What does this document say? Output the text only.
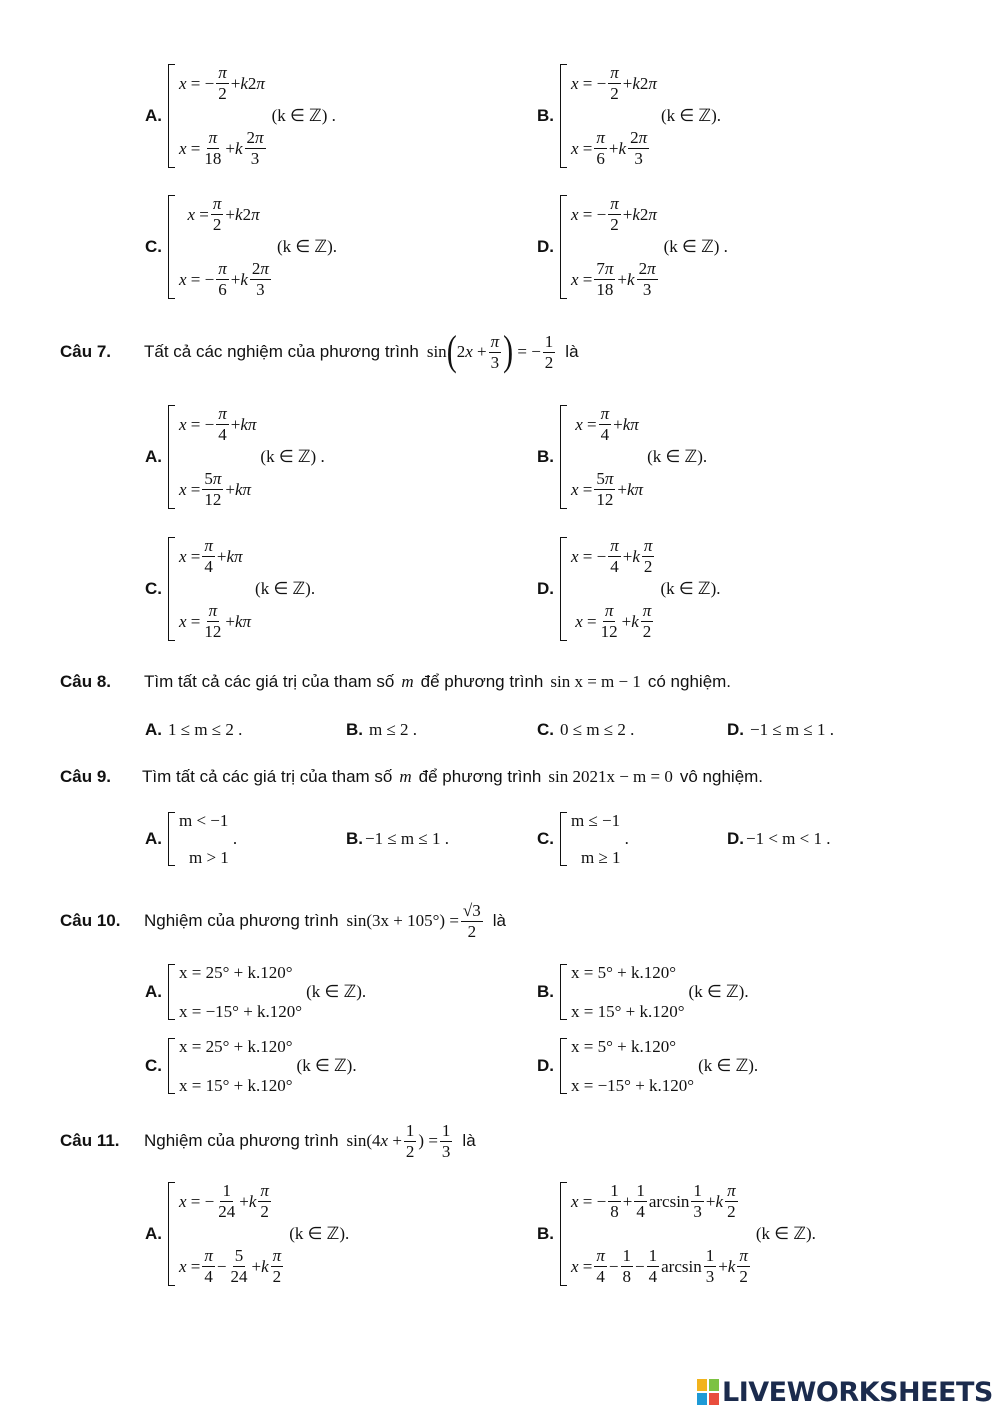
A.
x = − $\frac{\pi}{2} + k$ 2 π
$x = \frac{\pi}{18} + k \frac{2\pi}{3}$
(k ∈ ℤ) .	B.
x = − $\frac{\pi}{2} + k$ 2 π
$x = \frac{\pi}{6} + k \frac{2\pi}{3}$
(k ∈ ℤ).
C.

$x = \frac{\pi}{2} + k$ 2 π
x = − $\frac{\pi}{6} + k \frac{2\pi}{3}$
(k ∈ ℤ).	D.
x = − $\frac{\pi}{2} + k$ 2 π
$x = \frac{7\pi}{18} + k \frac{2\pi}{3}$
(k ∈ ℤ) .
Câu 7.	Tất cả các nghiệm của phương trình sin ( 2 $x + \frac{\pi}{3}$ ) = − $\frac{1}{2}$ là
A.
x = − $\frac{\pi}{4} + k\pi$
$x = \frac{5\pi}{12} + k\pi$
(k ∈ ℤ) .	B.

$x = \frac{\pi}{4} + k\pi$
$x = \frac{5\pi}{12} + k\pi$
(k ∈ ℤ).
C.
$x = \frac{\pi}{4} + k\pi$
$x = \frac{\pi}{12} + k\pi$
(k ∈ ℤ).	D.
x = − $\frac{\pi}{4} + k \frac{\pi}{2}$

$x = \frac{\pi}{12} + k \frac{\pi}{2}$
(k ∈ ℤ).
Câu 8.	Tìm tất cả các giá trị của tham số m để phương trình sin x = m − 1 có nghiệm.
A. 1 ≤ m ≤ 2 .	B. m ≤ 2 .	C. 0 ≤ m ≤ 2 .	D. −1 ≤ m ≤ 1 .
Câu 9.	Tìm tất cả các giá trị của tham số m để phương trình sin 2021x − m = 0 vô nghiệm.
A.
m < −1
m > 1
.	B. −1 ≤ m ≤ 1 .	C.
m ≤ −1
m ≥ 1
.	D. −1 < m < 1 .
Câu 10.	Nghiệm của phương trình $\sin(3x + 105^\circ) = \frac{√3}{2}$ là
A.
x = 25° + k.120°
x = −15° + k.120°
(k ∈ ℤ).	B.
x = 5° + k.120°
x = 15° + k.120°
(k ∈ ℤ).
C.
x = 25° + k.120°
x = 15° + k.120°
(k ∈ ℤ).	D.
x = 5° + k.120°
x = −15° + k.120°
(k ∈ ℤ).
Câu 11.	Nghiệm của phương trình sin(4 $x + \frac{1}{2}$ ) = $\frac{1}{3}$ là
A.
x = − $\frac{1}{24} + k \frac{\pi}{2}$
$x = \frac{\pi}{4} - \frac{5}{24} + k \frac{\pi}{2}$
(k ∈ ℤ).	B.
x = − $\frac{1}{8} + \frac{1}{4}$ $\arcsin \frac{1}{3} + k \frac{\pi}{2}$
$x = \frac{\pi}{4} - \frac{1}{8} - \frac{1}{4}$ $\arcsin \frac{1}{3} + k \frac{\pi}{2}$
(k ∈ ℤ).
LIVEWORKSHEETS
